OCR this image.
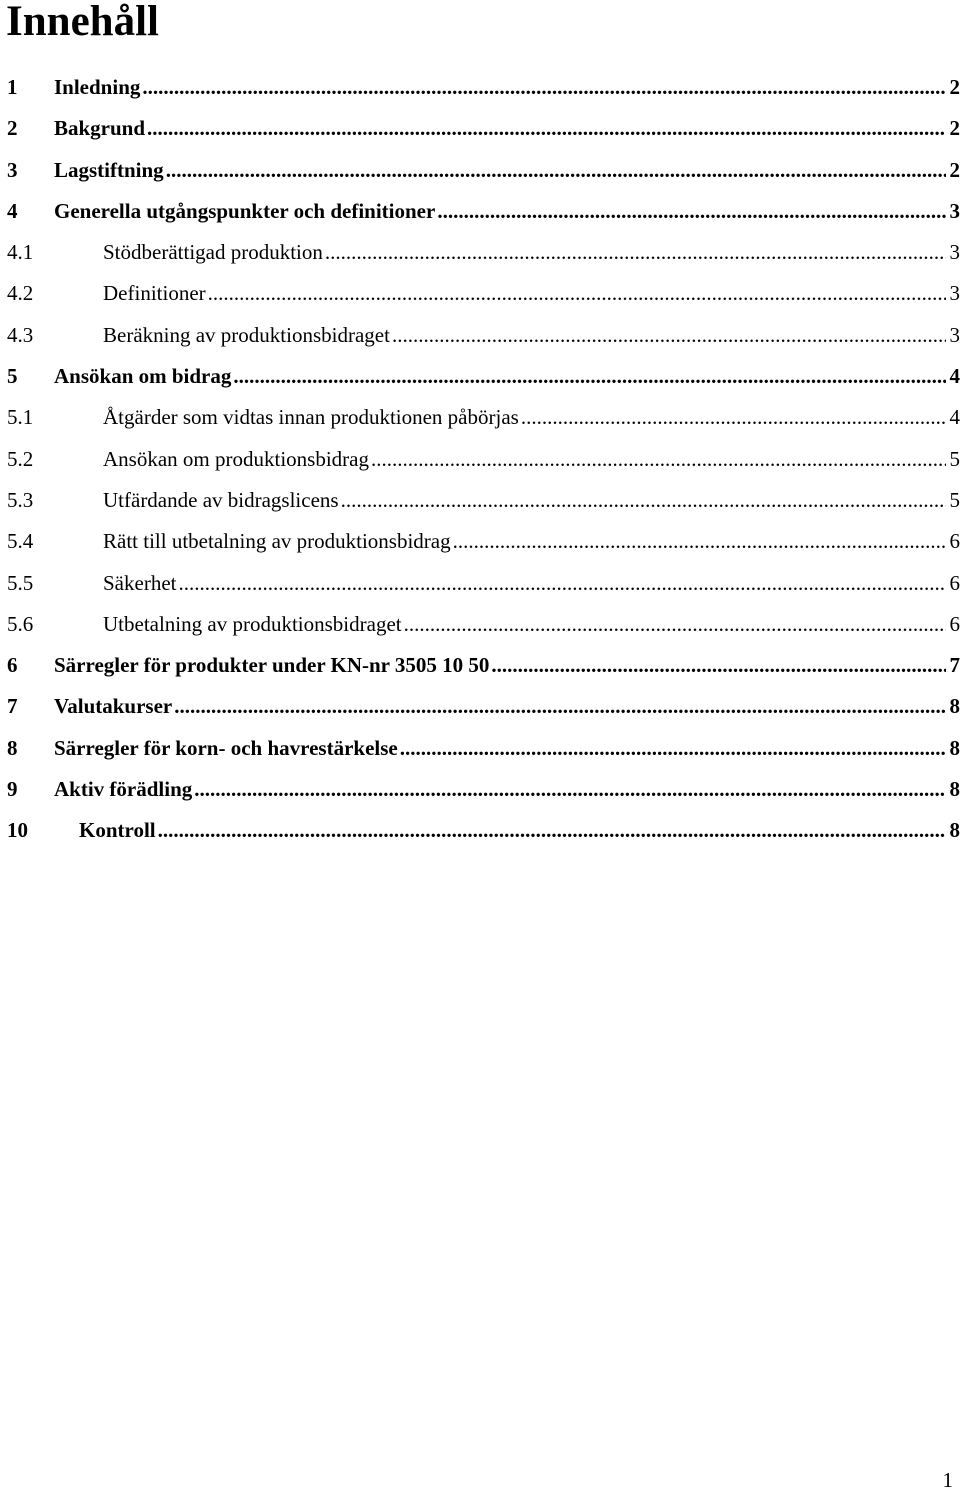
Innehåll
1 Inledning .....	2
2 Bakgrund .....	2
3 Lagstiftning .....	2
4 Generella utgångspunkter och definitioner .....	3
4.1	Stödberättigad produktion .....	3
4.2	Definitioner .....	3
4.3	Beräkning av produktionsbidraget .....	3
5 Ansökan om bidrag .....	4
5.1	Åtgärder som vidtas innan produktionen påbörjas .....	4
5.2	Ansökan om produktionsbidrag .....	5
5.3	Utfärdande av bidragslicens .....	5
5.4	Rätt till utbetalning av produktionsbidrag .....	6
5.5	Säkerhet .....	6
5.6	Utbetalning av produktionsbidraget .....	6
6 Särregler för produkter under KN-nr 3505 10 50 .....	7
7 Valutakurser .....	8
8 Särregler för korn- och havrestärkelse .....	8
9 Aktiv förädling .....	8
10 Kontroll .....	8
1
